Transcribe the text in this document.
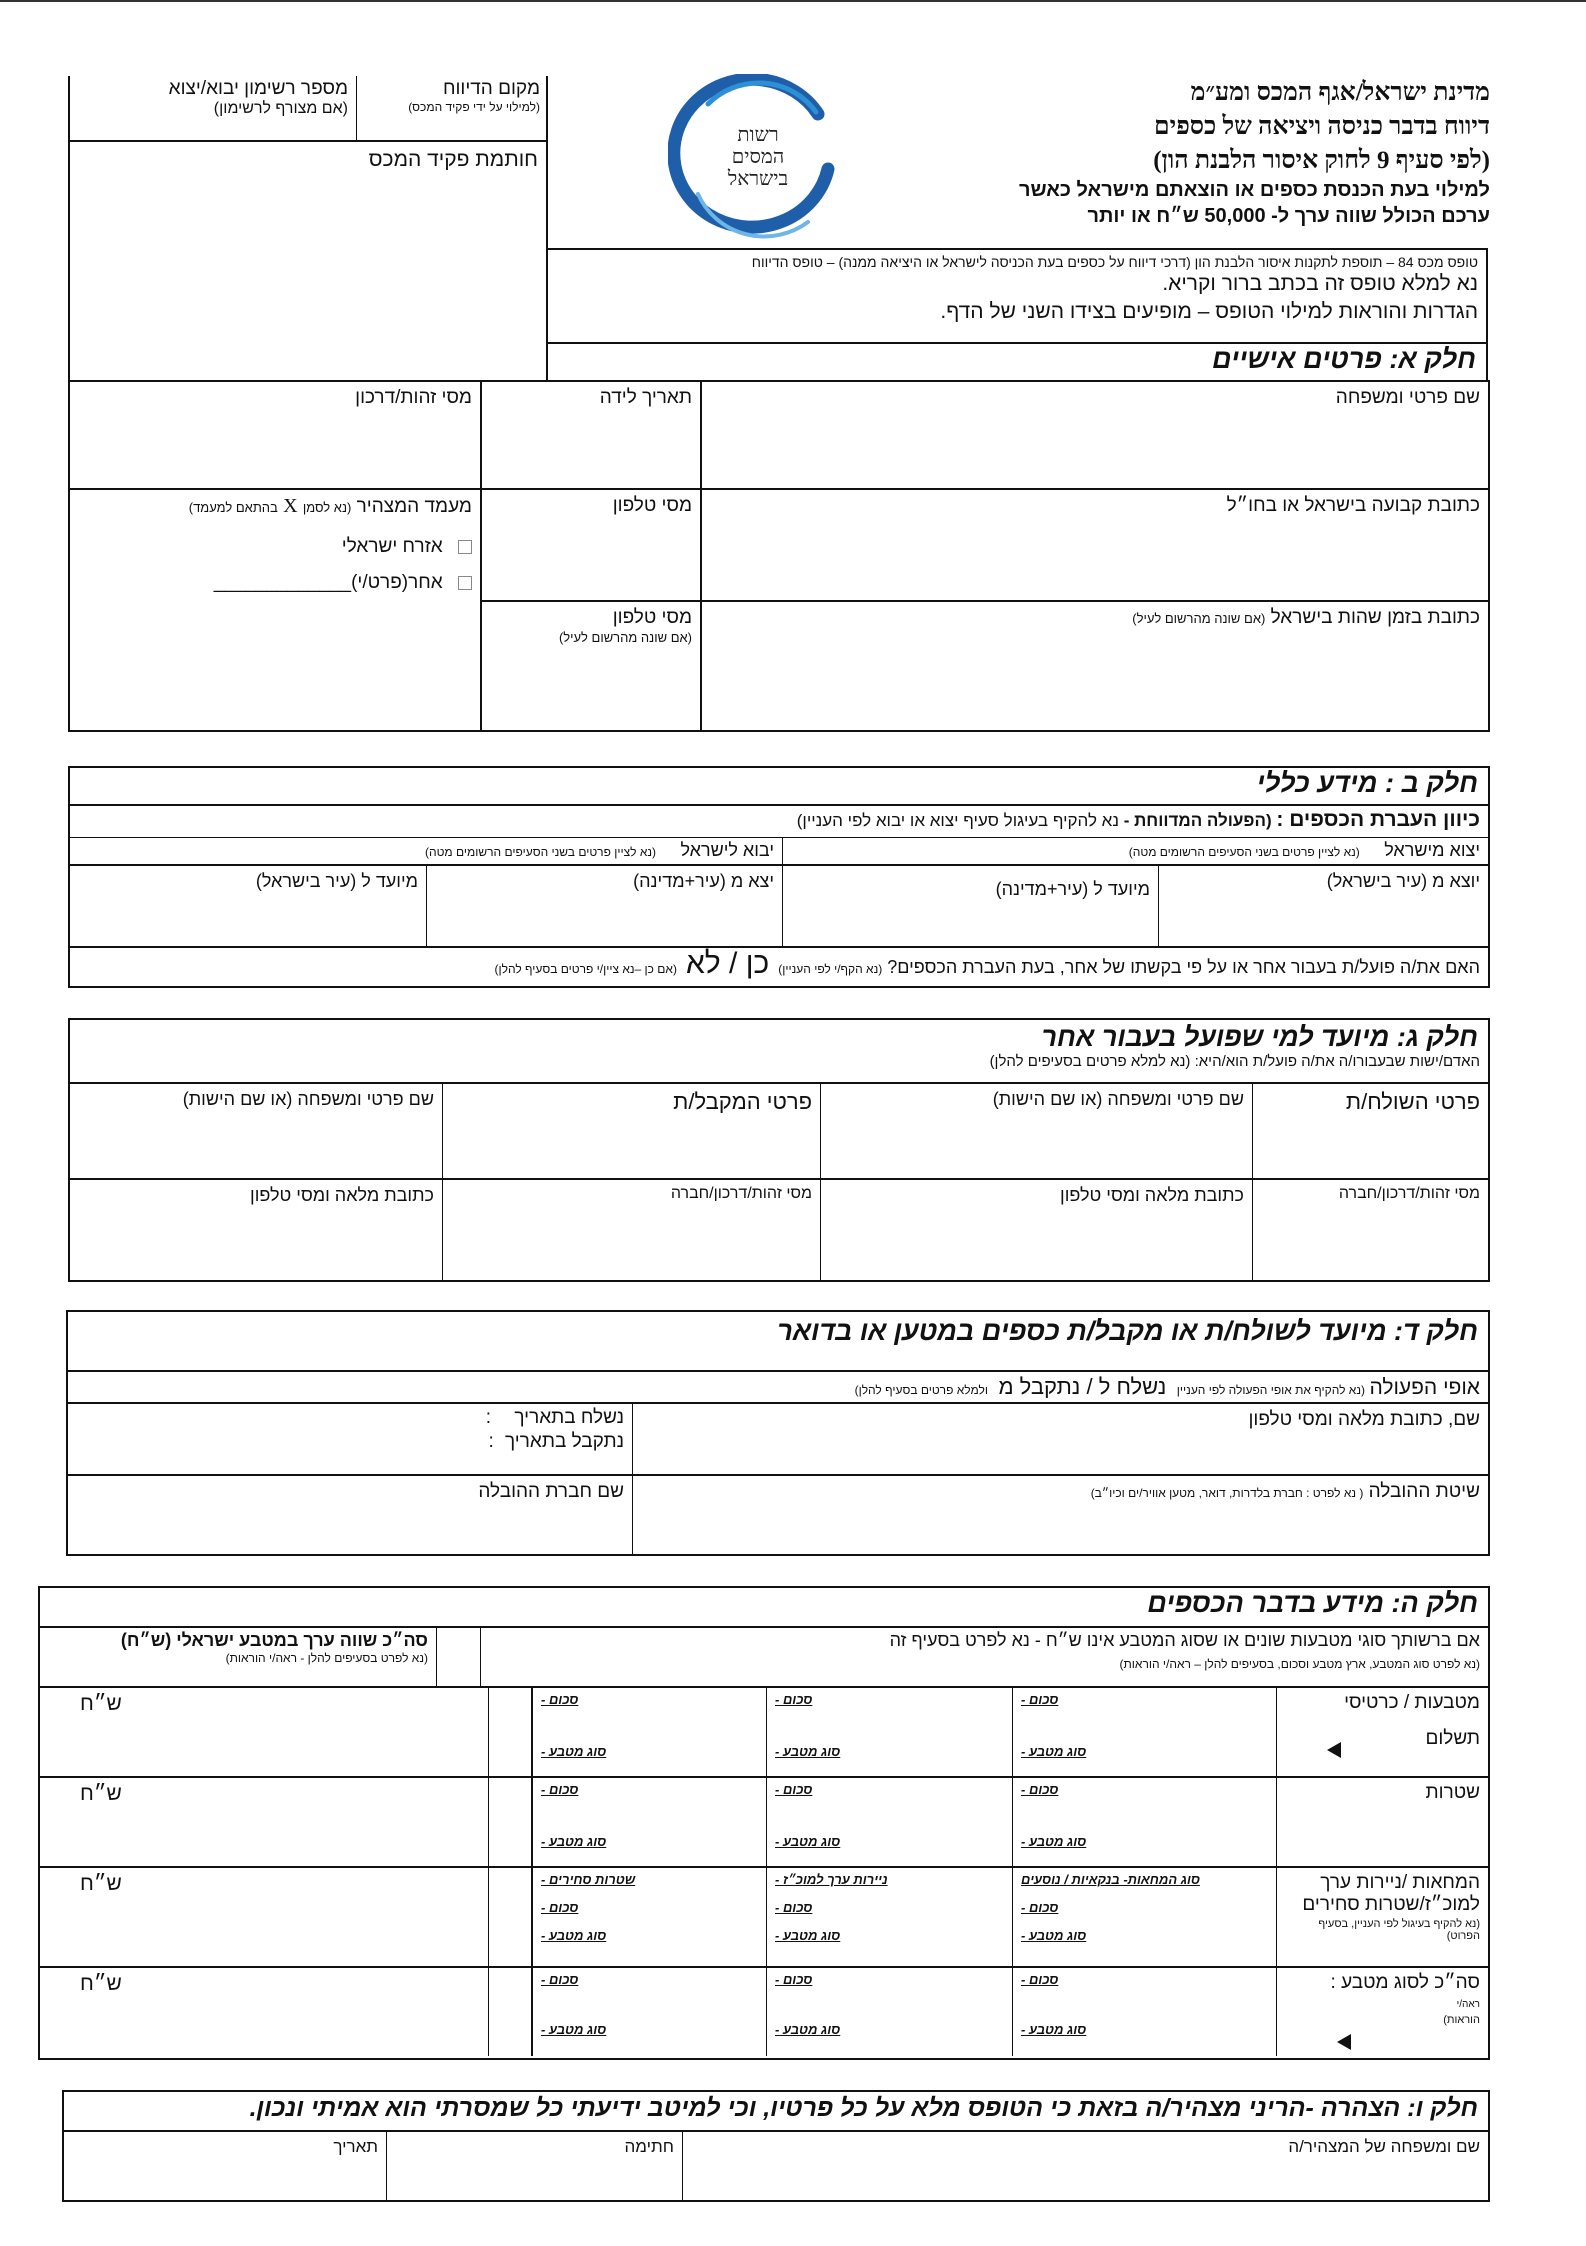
מקום הדיווח
(למילוי על ידי פקיד המכס)
מספר רשימון יבוא/יצוא
(אם מצורף לרשימון)
חותמת פקיד המכס
רשות
המסים
בישראל
מדינת ישראל/אגף המכס ומע״מ
דיווח בדבר כניסה ויציאה של כספים
(לפי סעיף 9 לחוק איסור הלבנת הון)
למילוי בעת הכנסת כספים או הוצאתם מישראל כאשר
ערכם הכולל שווה ערך ל- 50,000 ש״ח או יותר
טופס מכס 84 – תוספת לתקנות איסור הלבנת הון (דרכי דיווח על כספים בעת הכניסה לישראל או היציאה ממנה) – טופס הדיווח
נא למלא טופס זה בכתב ברור וקריא.
הגדרות והוראות למילוי הטופס – מופיעים בצידו השני של הדף.
חלק א: פרטים אישיים
שם פרטי ומשפחה
כתובת קבועה בישראל או בחו״ל
כתובת בזמן שהות בישראל (אם שונה מהרשום לעיל)
תאריך לידה
מסי טלפון
מסי טלפון
(אם שונה מהרשום לעיל)
מסי זהות/דרכון
מעמד המצהיר (נא לסמן X בהתאם למעמד)
אזרח ישראלי
אחר(פרט/י)_____________
חלק ב : מידע כללי
כיוון העברת הכספים : (הפעולה המדווחת - נא להקיף בעיגול סעיף יצוא או יבוא לפי העניין)
יצוא מישראל (נא לציין פרטים בשני הסעיפים הרשומים מטה)
יבוא לישראל (נא לציין פרטים בשני הסעיפים הרשומים מטה)
יוצא מ (עיר בישראל)
מיועד ל (עיר+מדינה)
יצא מ (עיר+מדינה)
מיועד ל (עיר בישראל)
האם את/ה פועל/ת בעבור אחר או על פי בקשתו של אחר, בעת העברת הכספים? (נא הקף/י לפי העניין) כן / לא (אם כן –נא ציין/י פרטים בסעיף להלן)
חלק ג: מיועד למי שפועל בעבור אחר
האדם/ישות שבעבורו/ה את/ה פועל/ת הוא/היא: (נא למלא פרטים בסעיפים להלן)
פרטי השולח/ת
שם פרטי ומשפחה (או שם הישות)
פרטי המקבל/ת
שם פרטי ומשפחה (או שם הישות)
מסי זהות/דרכון/חברה
כתובת מלאה ומסי טלפון
מסי זהות/דרכון/חברה
כתובת מלאה ומסי טלפון
חלק ד: מיועד לשולח/ת או מקבל/ת כספים במטען או בדואר
אופי הפעולה (נא להקיף את אופי הפעולה לפי העניין נשלח ל / נתקבל מ ולמלא פרטים בסעיף להלן)
שם, כתובת מלאה ומסי טלפון
נשלח בתאריך :
נתקבל בתאריך :
שיטת ההובלה ( נא לפרט : חברת בלדרות, דואר, מטען אוויר/ים וכיו״ב)
שם חברת ההובלה
חלק ה: מידע בדבר הכספים
אם ברשותך סוגי מטבעות שונים או שסוג המטבע אינו ש״ח - נא לפרט בסעיף זה
(נא לפרט סוג המטבע, ארץ מטבע וסכום, בסעיפים להלן – ראה/י הוראות)
סה״כ שווה ערך במטבע ישראלי (ש״ח)
(נא לפרט בסעיפים להלן - ראה/י הוראות)
מטבעות / כרטיסי
תשלום
סכום -
סוג מטבע -
סכום -
סוג מטבע -
סכום -
סוג מטבע -
ש״ח
שטרות
סכום -
סוג מטבע -
סכום -
סוג מטבע -
סכום -
סוג מטבע -
ש״ח
המחאות /ניירות ערך למוכ״ז/שטרות סחירים
(נא להקיף בעיגול לפי העניין, בסעיף הפרוט)
סוג המחאות- בנקאיות / נוסעים
סכום -
סוג מטבע -
ניירות ערך למוכ״ז -
סכום -
סוג מטבע -
שטרות סחירים -
סכום -
סוג מטבע -
ש״ח
סה״כ לסוג מטבע :
ראה/י
הוראות)
סכום -
סוג מטבע -
סכום -
סוג מטבע -
סכום -
סוג מטבע -
ש״ח
חלק ו: הצהרה -הריני מצהיר/ה בזאת כי הטופס מלא על כל פרטיו, וכי למיטב ידיעתי כל שמסרתי הוא אמיתי ונכון.
שם ומשפחה של המצהיר/ה
חתימה
תאריך
